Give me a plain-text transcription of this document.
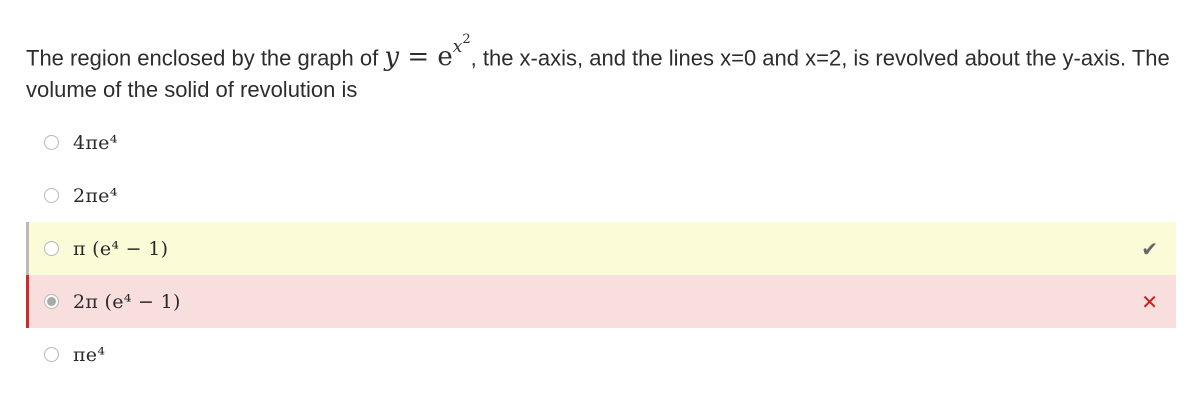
The region enclosed by the graph of $y = e^{x^2}$, the x-axis, and the lines x=0 and x=2, is revolved about the y-axis. The volume of the solid of revolution is
4πe⁴
2πe⁴
π (e⁴ − 1)	✔
2π (e⁴ − 1)	✕
πe⁴
